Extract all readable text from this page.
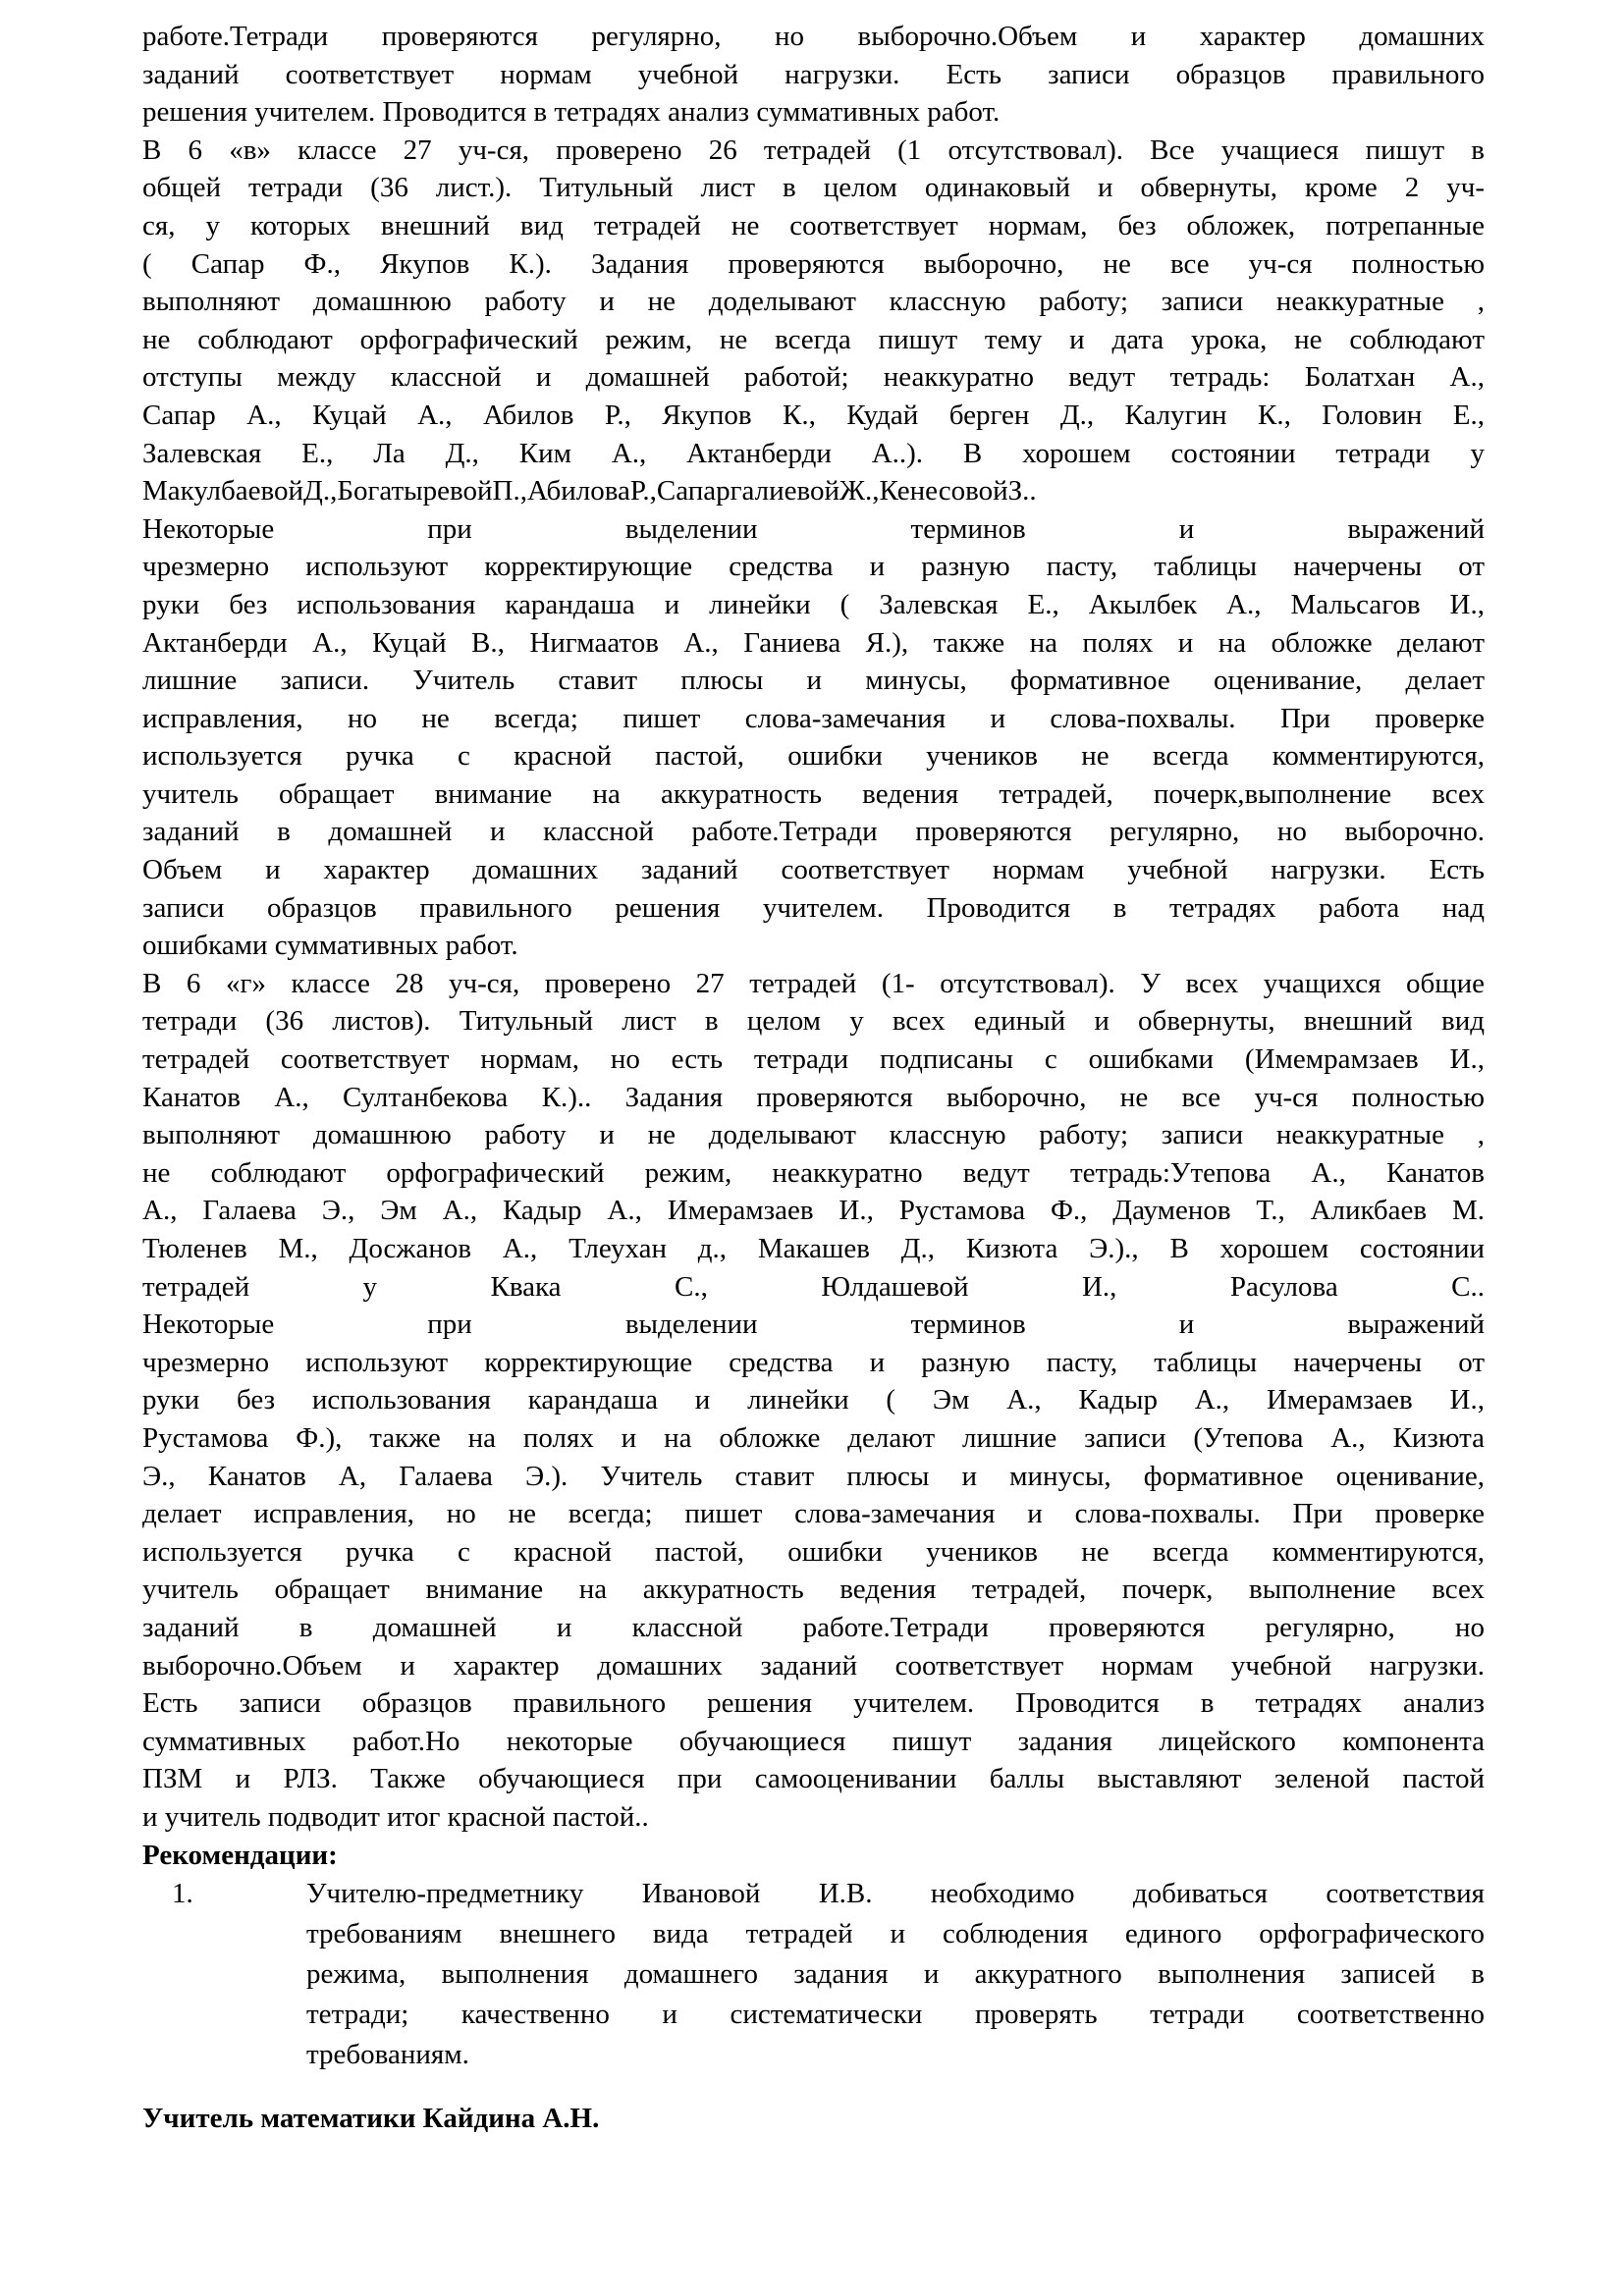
работе.Тетради проверяются регулярно, но выборочно.Объем и характер домашних
заданий соответствует нормам учебной нагрузки. Есть записи образцов правильного
решения учителем. Проводится в тетрадях анализ суммативных работ.
В 6 «в» классе 27 уч-ся, проверено 26 тетрадей (1 отсутствовал). Все учащиеся пишут в
общей тетради (36 лист.). Титульный лист в целом одинаковый и обвернуты, кроме 2 уч-
ся, у которых внешний вид тетрадей не соответствует нормам, без обложек, потрепанные
( Сапар Ф., Якупов К.). Задания проверяются выборочно, не все уч-ся полностью
выполняют домашнюю работу и не доделывают классную работу; записи неаккуратные ,
не соблюдают орфографический режим, не всегда пишут тему и дата урока, не соблюдают
отступы между классной и домашней работой; неаккуратно ведут тетрадь: Болатхан А.,
Сапар А., Куцай А., Абилов Р., Якупов К., Кудай берген Д., Калугин К., Головин Е.,
Залевская Е., Ла Д., Ким А., Актанберди А..). В хорошем состоянии тетради у
МакулбаевойД.,БогатыревойП.,АбиловаР.,СапаргалиевойЖ.,КенесовойЗ..
Некоторые при выделении терминов и выражений
чрезмерно используют корректирующие средства и разную пасту, таблицы начерчены от
руки без использования карандаша и линейки ( Залевская Е., Акылбек А., Мальсагов И.,
Актанберди А., Куцай В., Нигмаатов А., Ганиева Я.), также на полях и на обложке делают
лишние записи. Учитель ставит плюсы и минусы, формативное оценивание, делает
исправления, но не всегда; пишет слова-замечания и слова-похвалы. При проверке
используется ручка с красной пастой, ошибки учеников не всегда комментируются,
учитель обращает внимание на аккуратность ведения тетрадей, почерк,выполнение всех
заданий в домашней и классной работе.Тетради проверяются регулярно, но выборочно.
Объем и характер домашних заданий соответствует нормам учебной нагрузки. Есть
записи образцов правильного решения учителем. Проводится в тетрадях работа над
ошибками суммативных работ.
В 6 «г» классе 28 уч-ся, проверено 27 тетрадей (1- отсутствовал). У всех учащихся общие
тетради (36 листов). Титульный лист в целом у всех единый и обвернуты, внешний вид
тетрадей соответствует нормам, но есть тетради подписаны с ошибками (Имемрамзаев И.,
Канатов А., Султанбекова К.).. Задания проверяются выборочно, не все уч-ся полностью
выполняют домашнюю работу и не доделывают классную работу; записи неаккуратные ,
не соблюдают орфографический режим, неаккуратно ведут тетрадь:Утепова А., Канатов
А., Галаева Э., Эм А., Кадыр А., Имерамзаев И., Рустамова Ф., Дауменов Т., Аликбаев М.
Тюленев М., Досжанов А., Тлеухан д., Макашев Д., Кизюта Э.)., В хорошем состоянии
тетрадей у Квака С., Юлдашевой И., Расулова С..
Некоторые при выделении терминов и выражений
чрезмерно используют корректирующие средства и разную пасту, таблицы начерчены от
руки без использования карандаша и линейки ( Эм А., Кадыр А., Имерамзаев И.,
Рустамова Ф.), также на полях и на обложке делают лишние записи (Утепова А., Кизюта
Э., Канатов А, Галаева Э.). Учитель ставит плюсы и минусы, формативное оценивание,
делает исправления, но не всегда; пишет слова-замечания и слова-похвалы. При проверке
используется ручка с красной пастой, ошибки учеников не всегда комментируются,
учитель обращает внимание на аккуратность ведения тетрадей, почерк, выполнение всех
заданий в домашней и классной работе.Тетради проверяются регулярно, но
выборочно.Объем и характер домашних заданий соответствует нормам учебной нагрузки.
Есть записи образцов правильного решения учителем. Проводится в тетрадях анализ
суммативных работ.Но некоторые обучающиеся пишут задания лицейского компонента
ПЗМ и РЛЗ. Также обучающиеся при самооценивании баллы выставляют зеленой пастой
и учитель подводит итог красной пастой..
Рекомендации:
1.	Учителю-предметнику Ивановой И.В. необходимо добиваться соответствия
требованиям внешнего вида тетрадей и соблюдения единого орфографического
режима, выполнения домашнего задания и аккуратного выполнения записей в
тетради; качественно и систематически проверять тетради соответственно
требованиям.
Учитель математики Кайдина А.Н.
